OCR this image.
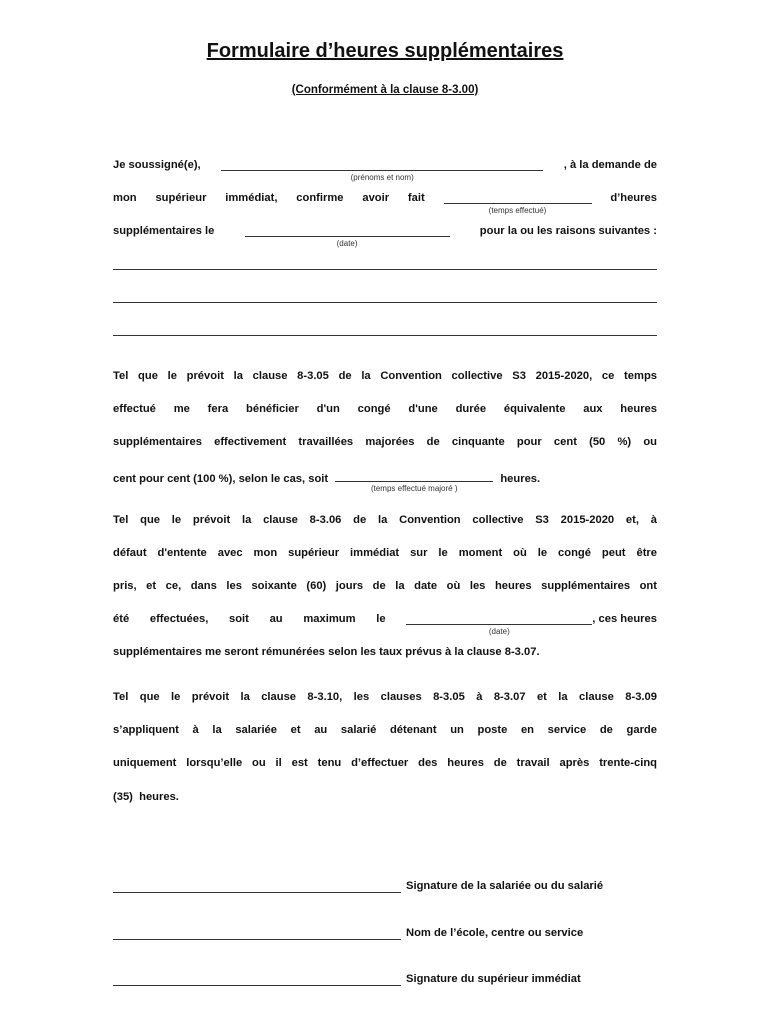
Formulaire d’heures supplémentaires
(Conformément à la clause 8-3.00)
Je soussigné(e),
(prénoms et nom)
, à la demande de
mon supérieur immédiat, confirme avoir fait
(temps effectué)
d’heures
supplémentaires le
(date)
pour la ou les raisons suivantes :
Tel que le prévoit la clause 8-3.05 de la Convention collective S3 2015-2020, ce temps
effectué me fera bénéficier d'un congé d'une durée équivalente aux heures
supplémentaires effectivement travaillées majorées de cinquante pour cent (50 %) ou
cent pour cent (100 %), selon le cas, soit
(temps effectué majoré )
heures.
Tel que le prévoit la clause 8-3.06 de la Convention collective S3 2015-2020 et, à
défaut d'entente avec mon supérieur immédiat sur le moment où le congé peut être
pris, et ce, dans les soixante (60) jours de la date où les heures supplémentaires ont
été effectuées, soit au maximum le
(date)
, ces heures
supplémentaires me seront rémunérées selon les taux prévus à la clause 8-3.07.
Tel que le prévoit la clause 8-3.10, les clauses 8-3.05 à 8-3.07 et la clause 8-3.09
s’appliquent à la salariée et au salarié détenant un poste en service de garde
uniquement lorsqu’elle ou il est tenu d’effectuer des heures de travail après trente-cinq
(35)  heures.
Signature de la salariée ou du salarié
Nom de l’école, centre ou service
Signature du supérieur immédiat
